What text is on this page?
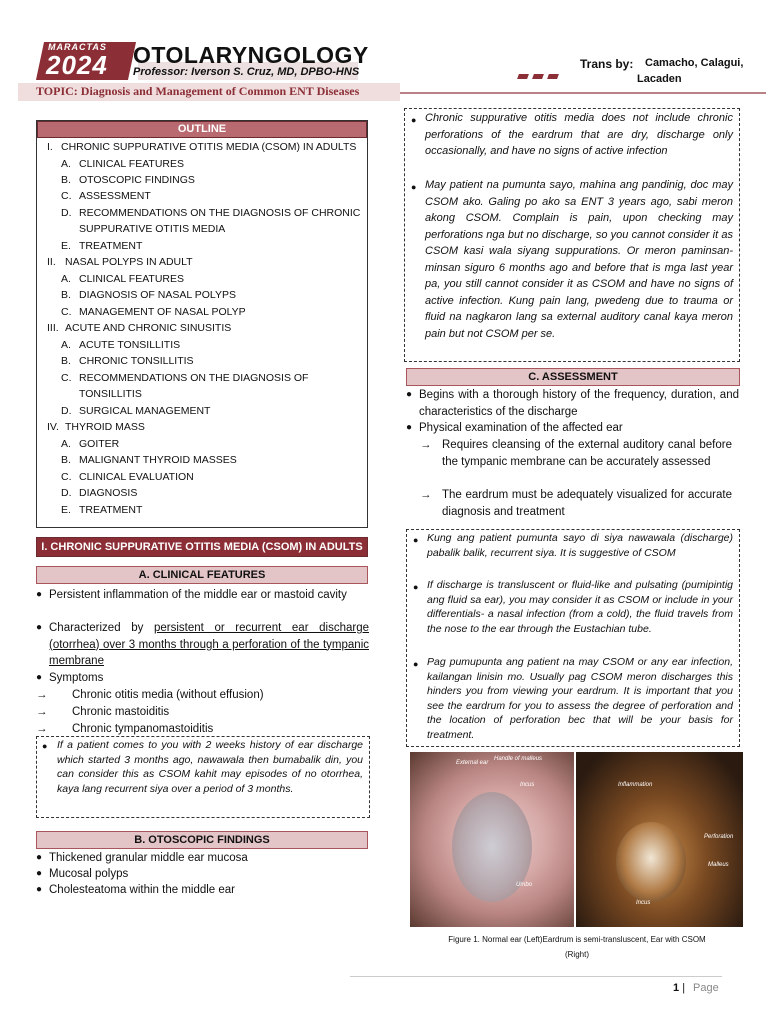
MARACTAS
2024 OTOLARYNGOLOGY
Professor: Iverson S. Cruz, MD, DPBO-HNS
TOPIC: Diagnosis and Management of Common ENT Diseases
Trans by: Camacho, Calagui,
Lacaden
OUTLINE
I. CHRONIC SUPPURATIVE OTITIS MEDIA (CSOM) IN ADULTS
A. CLINICAL FEATURES
B. OTOSCOPIC FINDINGS
C. ASSESSMENT
D. RECOMMENDATIONS ON THE DIAGNOSIS OF CHRONIC
SUPPURATIVE OTITIS MEDIA
E. TREATMENT
II. NASAL POLYPS IN ADULT
A. CLINICAL FEATURES
B. DIAGNOSIS OF NASAL POLYPS
C. MANAGEMENT OF NASAL POLYP
III. ACUTE AND CHRONIC SINUSITIS
A. ACUTE TONSILLITIS
B. CHRONIC TONSILLITIS
C. RECOMMENDATIONS ON THE DIAGNOSIS OF
TONSILLITIS
D. SURGICAL MANAGEMENT
IV. THYROID MASS
A. GOITER
B. MALIGNANT THYROID MASSES
C. CLINICAL EVALUATION
D. DIAGNOSIS
E. TREATMENT
I. CHRONIC SUPPURATIVE OTITIS MEDIA (CSOM) IN ADULTS
A. CLINICAL FEATURES
● Persistent inflammation of the middle ear or mastoid cavity
● Characterized by persistent or recurrent ear discharge (otorrhea) over 3 months through a perforation of the tympanic membrane
● Symptoms
→ Chronic otitis media (without effusion)
→ Chronic mastoiditis
→ Chronic tympanomastoiditis
● If a patient comes to you with 2 weeks history of ear discharge which started 3 months ago, nawawala then bumabalik din, you can consider this as CSOM kahit may episodes of no otorrhea, kaya lang recurrent siya over a period of 3 months.
B. OTOSCOPIC FINDINGS
● Thickened granular middle ear mucosa
● Mucosal polyps
● Cholesteatoma within the middle ear
● Chronic suppurative otitis media does not include chronic perforations of the eardrum that are dry, discharge only occasionally, and have no signs of active infection
● May patient na pumunta sayo, mahina ang pandinig, doc may CSOM ako. Galing po ako sa ENT 3 years ago, sabi meron akong CSOM. Complain is pain, upon checking may perforations nga but no discharge, so you cannot consider it as CSOM kasi wala siyang suppurations. Or meron paminsan-minsan siguro 6 months ago and before that is mga last year pa, you still cannot consider it as CSOM and have no signs of active infection. Kung pain lang, pwedeng due to trauma or fluid na nagkaron lang sa external auditory canal kaya meron pain but not CSOM per se.
C. ASSESSMENT
● Begins with a thorough history of the frequency, duration, and characteristics of the discharge
● Physical examination of the affected ear
→ Requires cleansing of the external auditory canal before the tympanic membrane can be accurately assessed
→ The eardrum must be adequately visualized for accurate diagnosis and treatment
● Kung ang patient pumunta sayo di siya nawawala (discharge) pabalik balik, recurrent siya. It is suggestive of CSOM
● If discharge is transluscent or fluid-like and pulsating (pumipintig ang fluid sa ear), you may consider it as CSOM or include in your differentials- a nasal infection (from a cold), the fluid travels from the nose to the ear through the Eustachian tube.
● Pag pumupunta ang patient na may CSOM or any ear infection, kailangan linisin mo. Usually pag CSOM meron discharges this hinders you from viewing your eardrum. It is important that you see the eardrum for you to assess the degree of perforation and the location of perforation bec that will be your basis for treatment.
External ear
Handle of malleus
Incus
Umbo
Inflammation
Perforation
Malleus
Incus
Figure 1. Normal ear (Left)Eardrum is semi-transluscent, Ear with CSOM
(Right)
1 | Page
